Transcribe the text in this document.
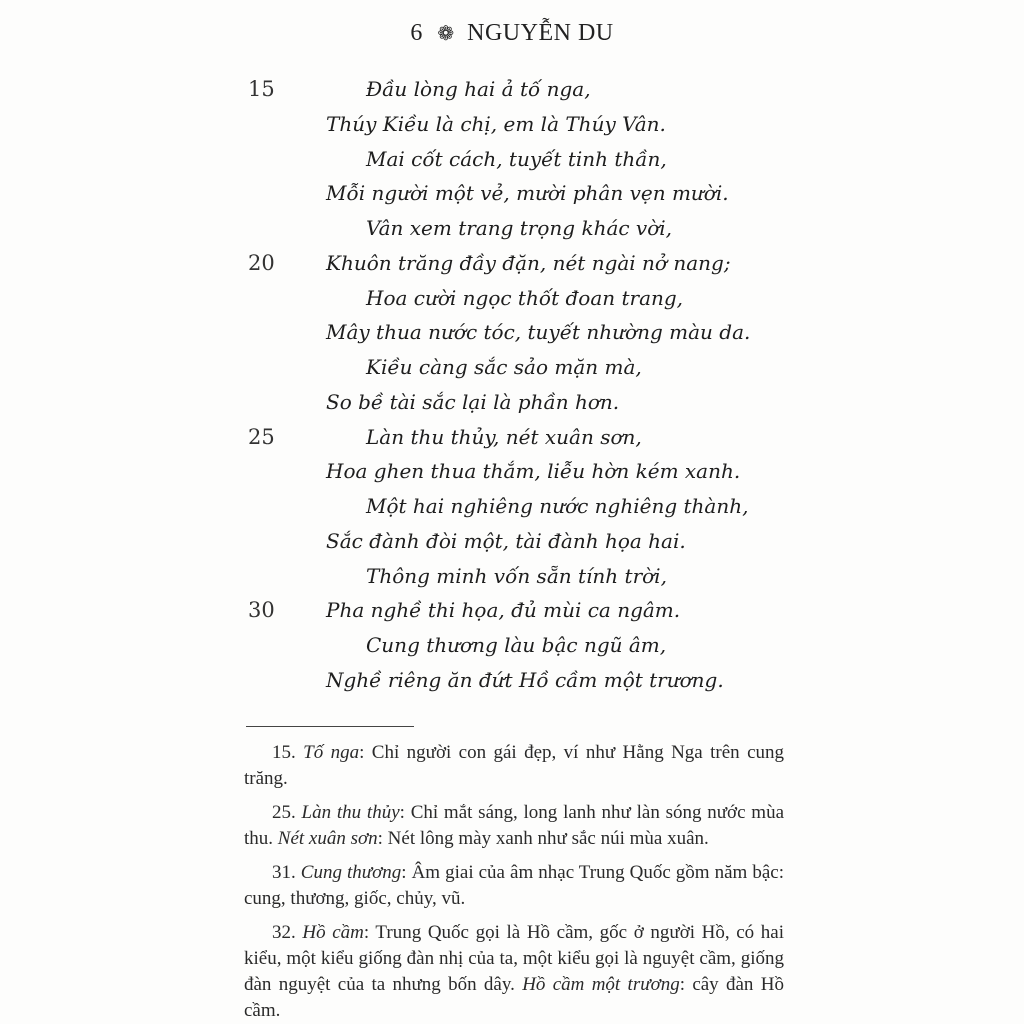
6 ❁ NGUYỄN DU
15	Đầu lòng hai ả tố nga,
Thúy Kiều là chị, em là Thúy Vân.
Mai cốt cách, tuyết tinh thần,
Mỗi người một vẻ, mười phân vẹn mười.
Vân xem trang trọng khác vời,
20	Khuôn trăng đầy đặn, nét ngài nở nang;
Hoa cười ngọc thốt đoan trang,
Mây thua nước tóc, tuyết nhường màu da.
Kiều càng sắc sảo mặn mà,
So bề tài sắc lại là phần hơn.
25	Làn thu thủy, nét xuân sơn,
Hoa ghen thua thắm, liễu hờn kém xanh.
Một hai nghiêng nước nghiêng thành,
Sắc đành đòi một, tài đành họa hai.
Thông minh vốn sẵn tính trời,
30	Pha nghề thi họa, đủ mùi ca ngâm.
Cung thương làu bậc ngũ âm,
Nghề riêng ăn đứt Hồ cầm một trương.

15. Tố nga: Chỉ người con gái đẹp, ví như Hằng Nga trên cung trăng.

25. Làn thu thủy: Chỉ mắt sáng, long lanh như làn sóng nước mùa thu. Nét xuân sơn: Nét lông mày xanh như sắc núi mùa xuân.

31. Cung thương: Âm giai của âm nhạc Trung Quốc gồm năm bậc: cung, thương, giốc, chủy, vũ.

32. Hồ cầm: Trung Quốc gọi là Hồ cầm, gốc ở người Hồ, có hai kiểu, một kiểu giống đàn nhị của ta, một kiểu gọi là nguyệt cầm, giống đàn nguyệt của ta nhưng bốn dây. Hồ cầm một trương: cây đàn Hồ cầm.
